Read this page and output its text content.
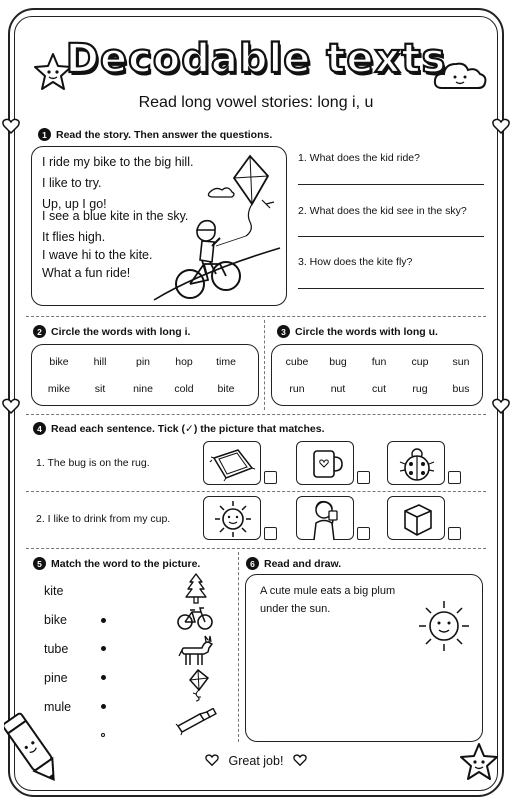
Decodable texts
Read long vowel stories: long i, u
1 Read the story. Then answer the questions.
I ride my bike to the big hill.
I like to try.
Up, up I go!
I see a blue kite in the sky.
It flies high.
I wave hi to the kite.
What a fun ride!
1. What does the kid ride?
2. What does the kid see in the sky?
3. How does the kite fly?
2 Circle the words with long i.
bike	hill	pin	hop	time
mike	sit	nine	cold	bite
3 Circle the words with long u.
cube	bug	fun	cup	sun
run	nut	cut	rug	bus
4 Read each sentence. Tick (✓) the picture that matches.
1. The bug is on the rug.
2. I like to drink from my cup.
5 Match the word to the picture.
kite
bike
tube
pine
mule
6 Read and draw.
A cute mule eats a big plum
under the sun.
Great job!
